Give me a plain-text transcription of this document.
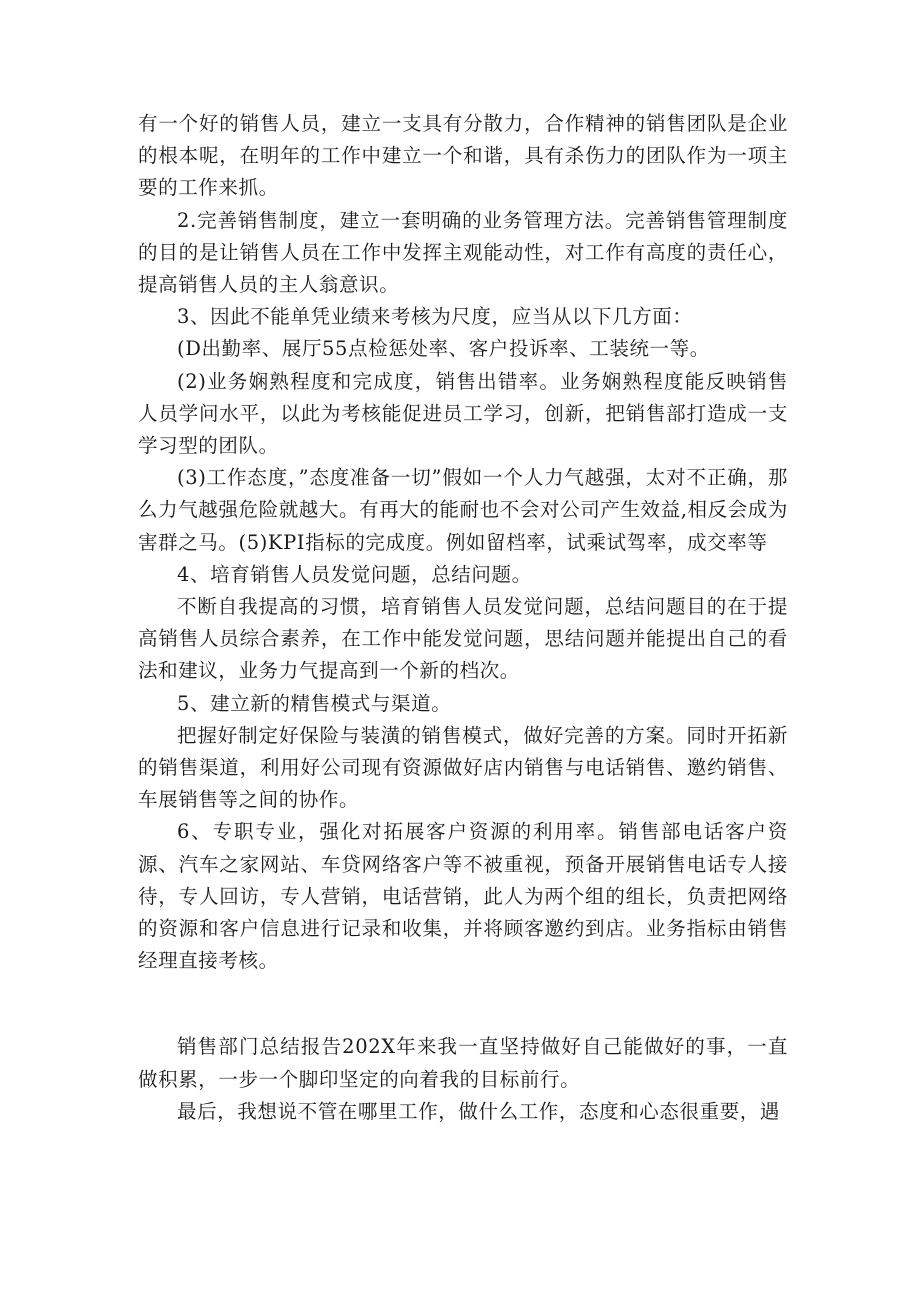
有一个好的销售人员，建立一支具有分散力，合作精神的销售团队是企业的根本呢，在明年的工作中建立一个和谐，具有杀伤力的团队作为一项主要的工作来抓。

2.完善销售制度，建立一套明确的业务管理方法。完善销售管理制度的目的是让销售人员在工作中发挥主观能动性，对工作有高度的责任心，提高销售人员的主人翁意识。

3、因此不能单凭业绩来考核为尺度，应当从以下几方面：

(D出勤率、展厅55点检惩处率、客户投诉率、工装统一等。

(2)业务娴熟程度和完成度，销售出错率。业务娴熟程度能反映销售人员学问水平，以此为考核能促进员工学习，创新，把销售部打造成一支学习型的团队。

(3)工作态度，”态度准备一切”假如一个人力气越强，太对不正确，那么力气越强危险就越大。有再大的能耐也不会对公司产生效益,相反会成为害群之马。(5)KPI指标的完成度。例如留档率，试乘试驾率，成交率等

4、培育销售人员发觉问题，总结问题。

不断自我提高的习惯，培育销售人员发觉问题，总结问题目的在于提高销售人员综合素养，在工作中能发觉问题，思结问题并能提出自己的看法和建议，业务力气提高到一个新的档次。

5、建立新的精售模式与渠道。

把握好制定好保险与装潢的销售模式，做好完善的方案。同时开拓新的销售渠道，利用好公司现有资源做好店内销售与电话销售、邀约销售、车展销售等之间的协作。

6、专职专业，强化对拓展客户资源的利用率。销售部电话客户资源、汽车之家网站、车贷网络客户等不被重视，预备开展销售电话专人接待，专人回访，专人营销，电话营销，此人为两个组的组长，负责把网络的资源和客户信息进行记录和收集，并将顾客邀约到店。业务指标由销售经理直接考核。

销售部门总结报告202X年来我一直坚持做好自己能做好的事，一直做积累，一步一个脚印坚定的向着我的目标前行。

最后，我想说不管在哪里工作，做什么工作，态度和心态很重要，遇
